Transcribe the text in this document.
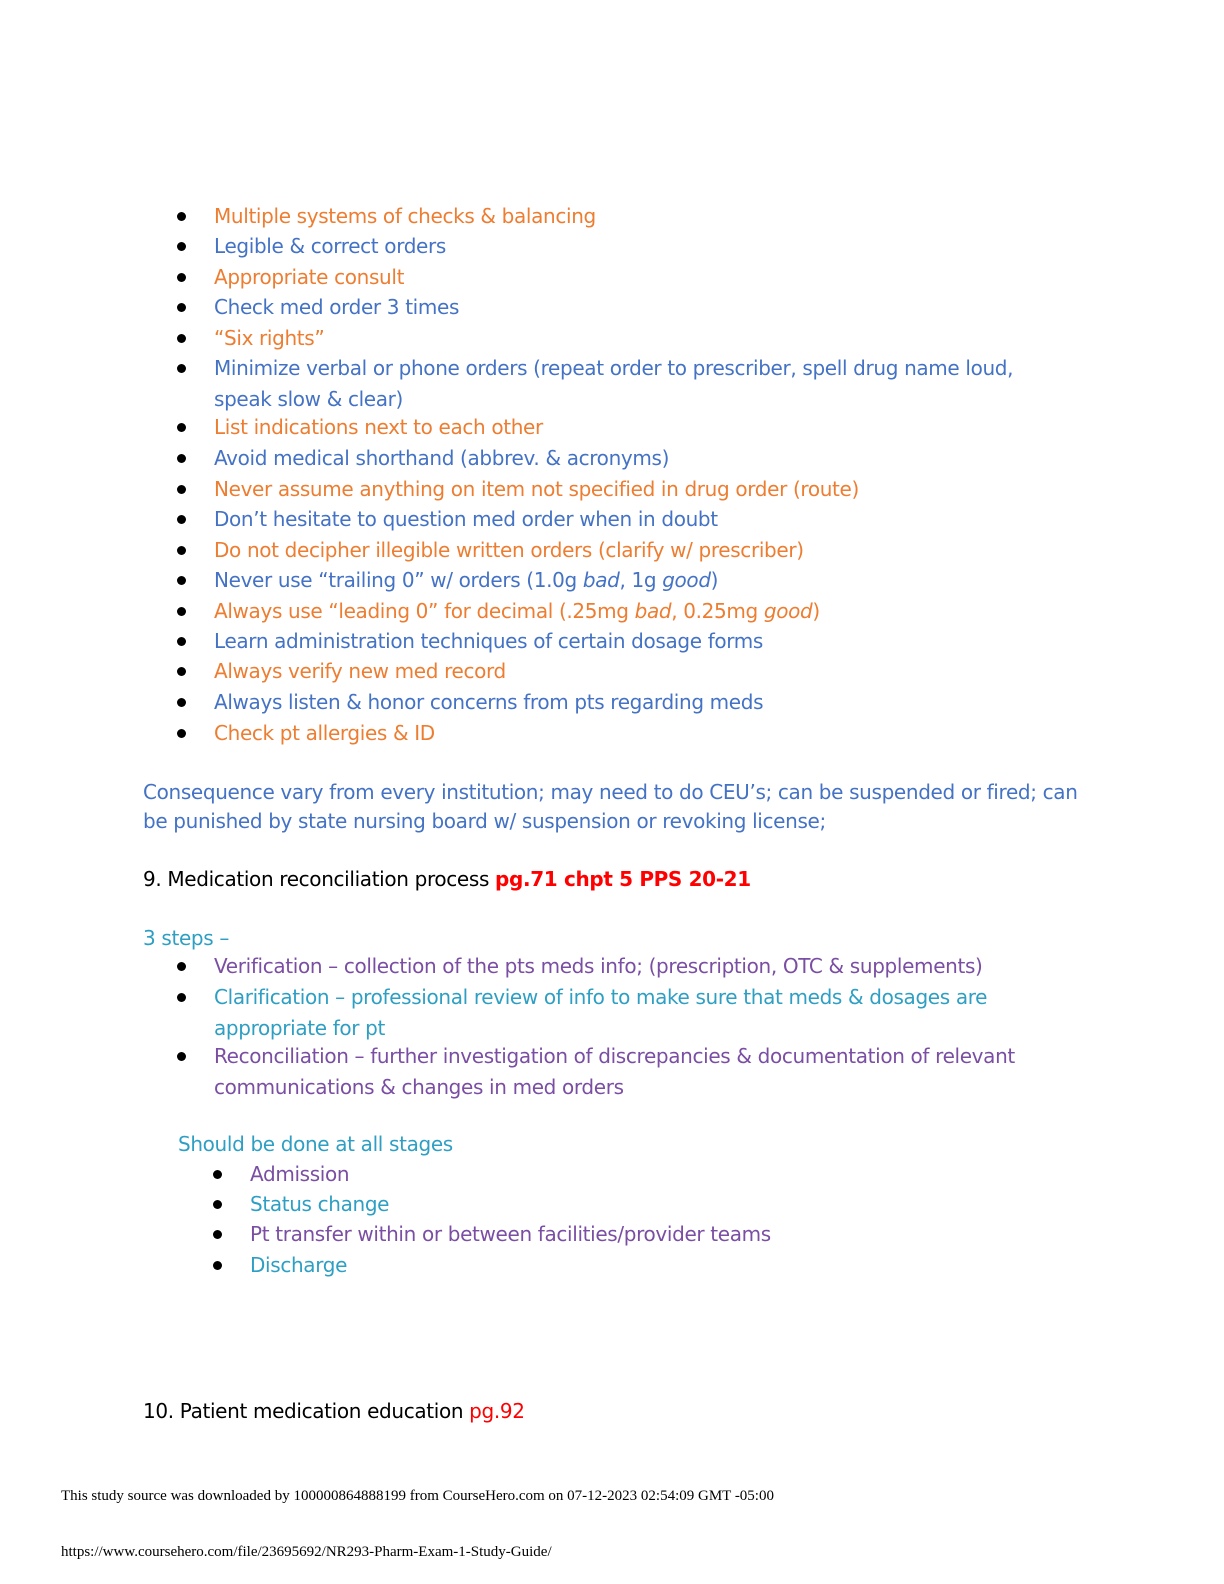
Multiple systems of checks & balancing
Legible & correct orders
Appropriate consult
Check med order 3 times
“Six rights”
Minimize verbal or phone orders (repeat order to prescriber, spell drug name loud,
speak slow & clear)
List indications next to each other
Avoid medical shorthand (abbrev. & acronyms)
Never assume anything on item not specified in drug order (route)
Don’t hesitate to question med order when in doubt
Do not decipher illegible written orders (clarify w/ prescriber)
Never use “trailing 0” w/ orders (1.0g bad, 1g good)
Always use “leading 0” for decimal (.25mg bad, 0.25mg good)
Learn administration techniques of certain dosage forms
Always verify new med record
Always listen & honor concerns from pts regarding meds
Check pt allergies & ID
Consequence vary from every institution; may need to do CEU’s; can be suspended or fired; can
be punished by state nursing board w/ suspension or revoking license;
9. Medication reconciliation process pg.71 chpt 5 PPS 20-21
3 steps –
Verification – collection of the pts meds info; (prescription, OTC & supplements)
Clarification – professional review of info to make sure that meds & dosages are
appropriate for pt
Reconciliation – further investigation of discrepancies & documentation of relevant
communications & changes in med orders
Should be done at all stages
Admission
Status change
Pt transfer within or between facilities/provider teams
Discharge
10. Patient medication education pg.92
This study source was downloaded by 100000864888199 from CourseHero.com on 07-12-2023 02:54:09 GMT -05:00
https://www.coursehero.com/file/23695692/NR293-Pharm-Exam-1-Study-Guide/
